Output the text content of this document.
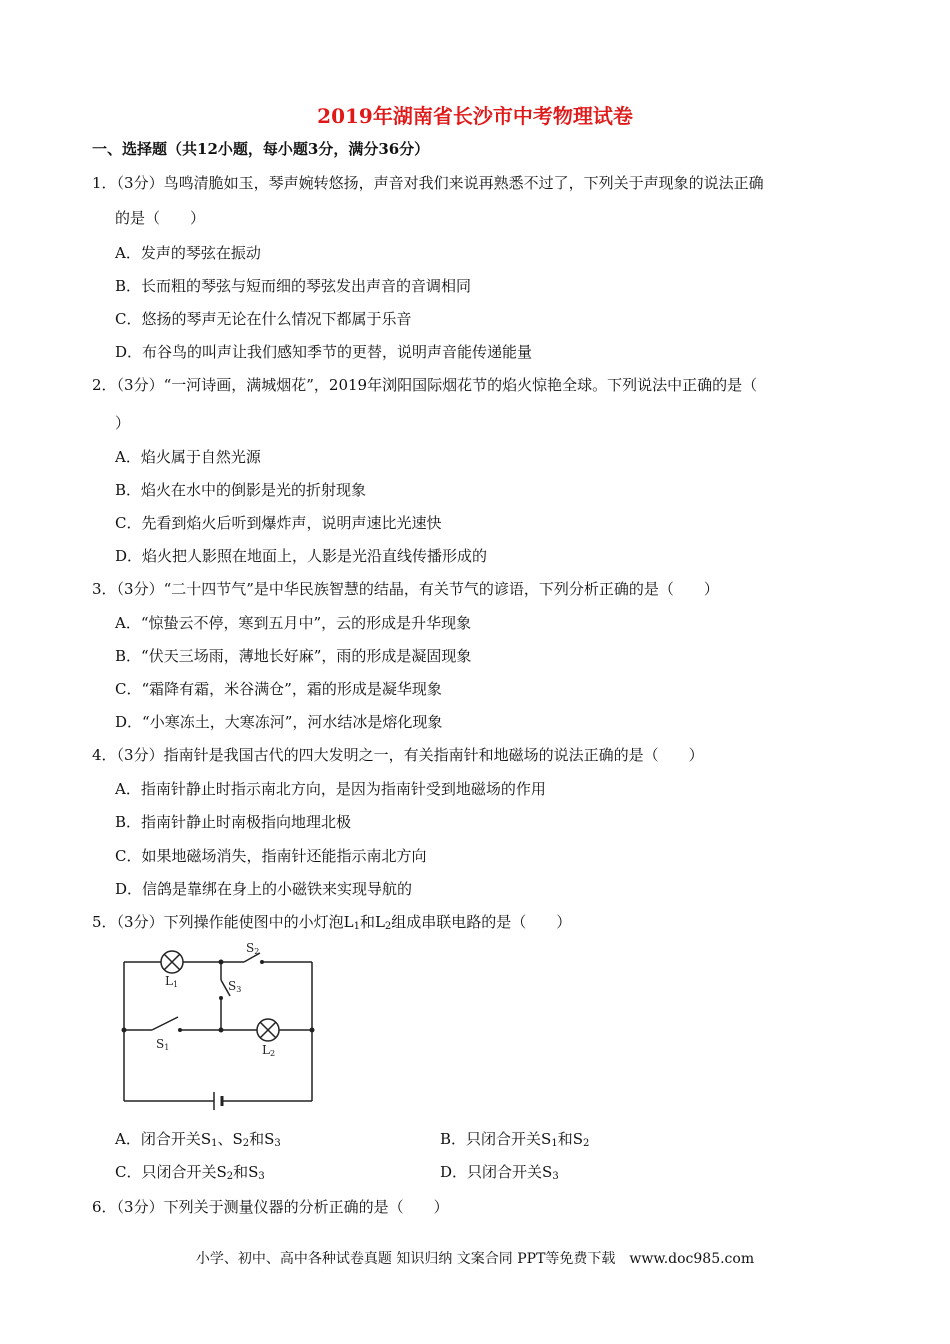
2019年湖南省长沙市中考物理试卷
一、选择题（共12小题，每小题3分，满分36分）
1．（3分）鸟鸣清脆如玉，琴声婉转悠扬，声音对我们来说再熟悉不过了，下列关于声现象的说法正确
的是（　　）
A．发声的琴弦在振动
B．长而粗的琴弦与短而细的琴弦发出声音的音调相同
C．悠扬的琴声无论在什么情况下都属于乐音
D．布谷鸟的叫声让我们感知季节的更替，说明声音能传递能量
2．（3分）“一河诗画，满城烟花”，2019年浏阳国际烟花节的焰火惊艳全球。下列说法中正确的是（
）
A．焰火属于自然光源
B．焰火在水中的倒影是光的折射现象
C．先看到焰火后听到爆炸声，说明声速比光速快
D．焰火把人影照在地面上，人影是光沿直线传播形成的
3．（3分）“二十四节气”是中华民族智慧的结晶，有关节气的谚语，下列分析正确的是（　　）
A．“惊蛰云不停，寒到五月中”，云的形成是升华现象
B．“伏天三场雨，薄地长好麻”，雨的形成是凝固现象
C．“霜降有霜，米谷满仓”，霜的形成是凝华现象
D．“小寒冻土，大寒冻河”，河水结冰是熔化现象
4．（3分）指南针是我国古代的四大发明之一，有关指南针和地磁场的说法正确的是（　　）
A．指南针静止时指示南北方向，是因为指南针受到地磁场的作用
B．指南针静止时南极指向地理北极
C．如果地磁场消失，指南针还能指示南北方向
D．信鸽是靠绑在身上的小磁铁来实现导航的
5．（3分）下列操作能使图中的小灯泡$L_1$和$L_2$组成串联电路的是（　　）
S2
S3
S1
L1
L2
A．闭合开关$S_1$、$S_2$和$S_3$	B．只闭合开关$S_1$和$S_2$
C．只闭合开关$S_2$和$S_3$	D．只闭合开关$S_3$
6．（3分）下列关于测量仪器的分析正确的是（　　）
小学、初中、高中各种试卷真题 知识归纳 文案合同 PPT等免费下载　www.doc985.com
